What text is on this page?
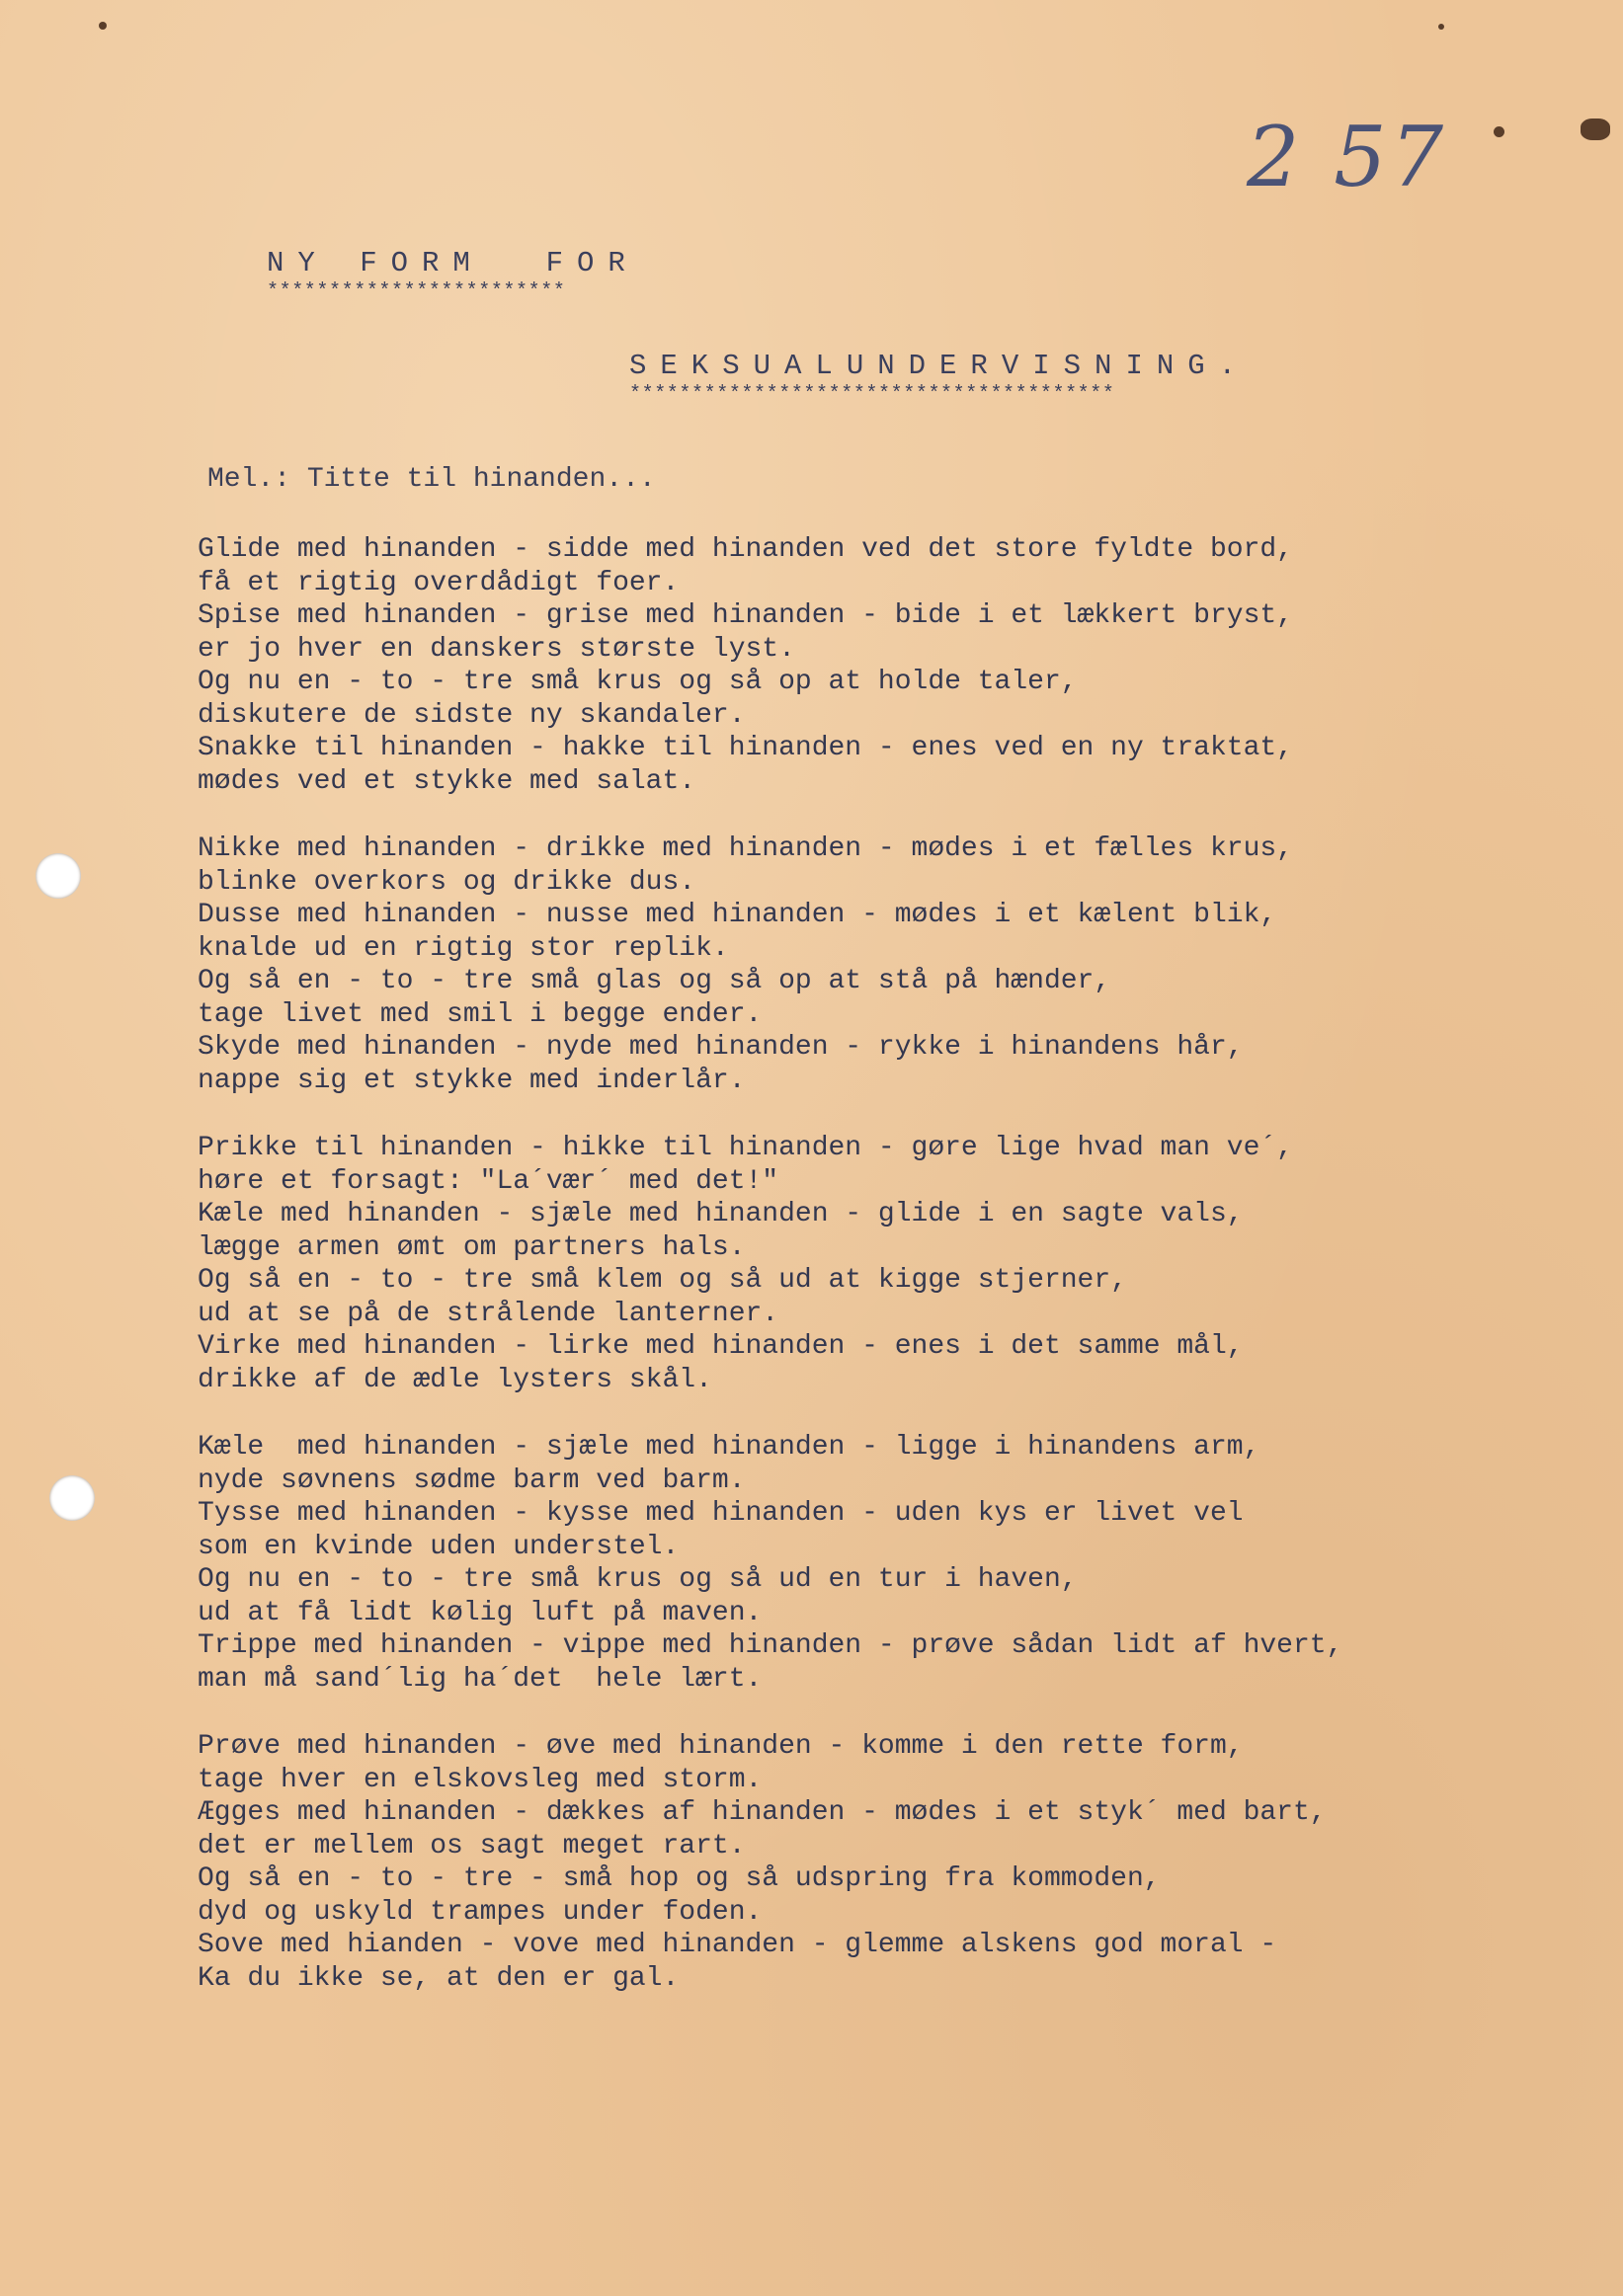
2 57
NY FORM  FOR
************************
SEKSUALUNDERVISNING.
***************************************
Mel.: Titte til hinanden...
Glide med hinanden - sidde med hinanden ved det store fyldte bord,
få et rigtig overdådigt foer.
Spise med hinanden - grise med hinanden - bide i et lækkert bryst,
er jo hver en danskers største lyst.
Og nu en - to - tre små krus og så op at holde taler,
diskutere de sidste ny skandaler.
Snakke til hinanden - hakke til hinanden - enes ved en ny traktat,
mødes ved et stykke med salat.
Nikke med hinanden - drikke med hinanden - mødes i et fælles krus,
blinke overkors og drikke dus.
Dusse med hinanden - nusse med hinanden - mødes i et kælent blik,
knalde ud en rigtig stor replik.
Og så en - to - tre små glas og så op at stå på hænder,
tage livet med smil i begge ender.
Skyde med hinanden - nyde med hinanden - rykke i hinandens hår,
nappe sig et stykke med inderlår.
Prikke til hinanden - hikke til hinanden - gøre lige hvad man ve´,
høre et forsagt: "La´vær´ med det!"
Kæle med hinanden - sjæle med hinanden - glide i en sagte vals,
lægge armen ømt om partners hals.
Og så en - to - tre små klem og så ud at kigge stjerner,
ud at se på de strålende lanterner.
Virke med hinanden - lirke med hinanden - enes i det samme mål,
drikke af de ædle lysters skål.
Kæle  med hinanden - sjæle med hinanden - ligge i hinandens arm,
nyde søvnens sødme barm ved barm.
Tysse med hinanden - kysse med hinanden - uden kys er livet vel
som en kvinde uden understel.
Og nu en - to - tre små krus og så ud en tur i haven,
ud at få lidt kølig luft på maven.
Trippe med hinanden - vippe med hinanden - prøve sådan lidt af hvert,
man må sand´lig ha´det  hele lært.
Prøve med hinanden - øve med hinanden - komme i den rette form,
tage hver en elskovsleg med storm.
Ægges med hinanden - dækkes af hinanden - mødes i et styk´ med bart,
det er mellem os sagt meget rart.
Og så en - to - tre - små hop og så udspring fra kommoden,
dyd og uskyld trampes under foden.
Sove med hianden - vove med hinanden - glemme alskens god moral -
Ka du ikke se, at den er gal.
